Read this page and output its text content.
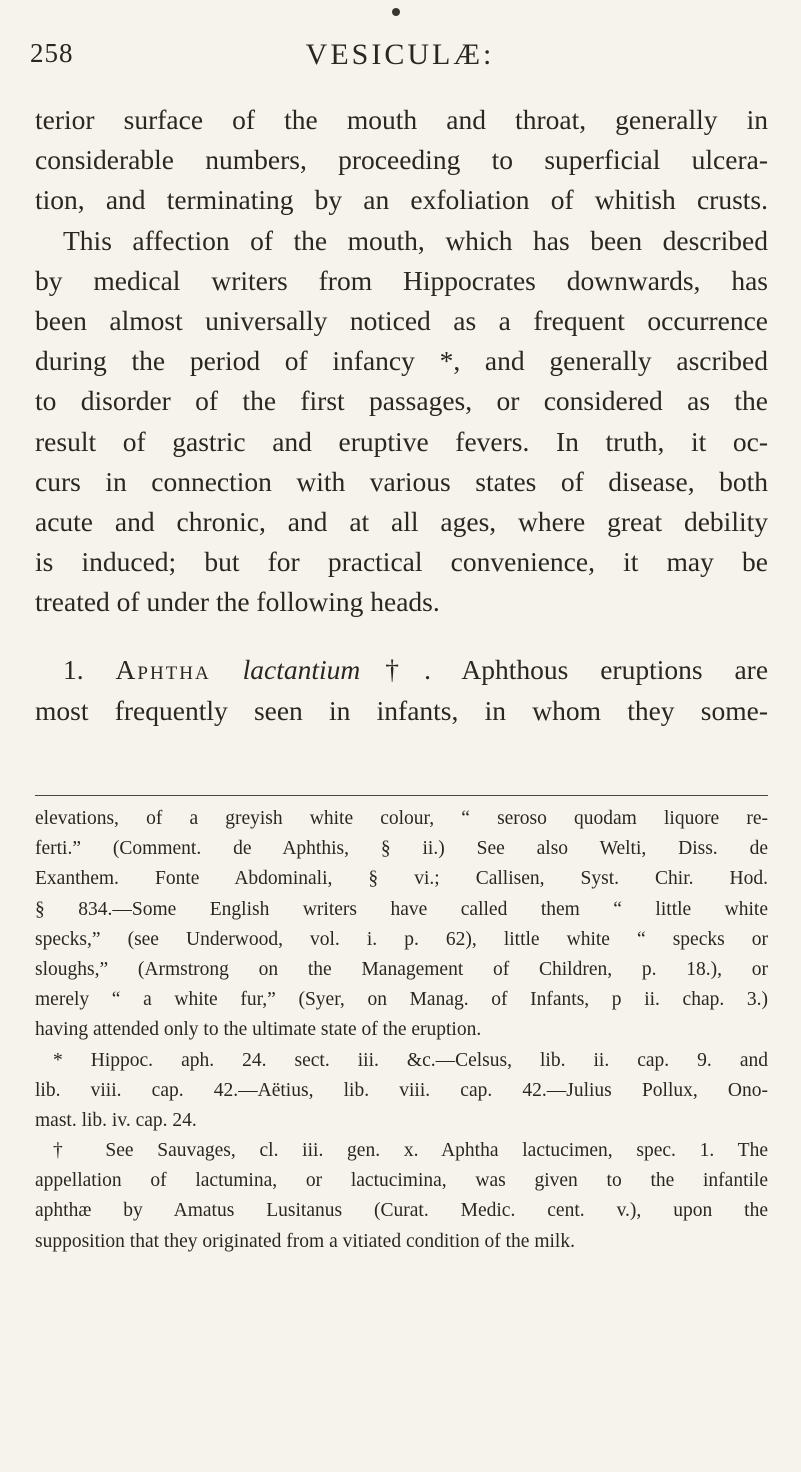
258	VESICULÆ:
terior surface of the mouth and throat, generally in
considerable numbers, proceeding to superficial ulcera-
tion, and terminating by an exfoliation of whitish crusts.
This affection of the mouth, which has been described
by medical writers from Hippocrates downwards, has
been almost universally noticed as a frequent occurrence
during the period of infancy *, and generally ascribed
to disorder of the first passages, or considered as the
result of gastric and eruptive fevers. In truth, it oc-
curs in connection with various states of disease, both
acute and chronic, and at all ages, where great debility
is induced; but for practical convenience, it may be
treated of under the following heads.
1. Aphtha lactantium†. Aphthous eruptions are
most frequently seen in infants, in whom they some-
elevations, of a greyish white colour, “ seroso quodam liquore re-
ferti.” (Comment. de Aphthis, § ii.) See also Welti, Diss. de
Exanthem. Fonte Abdominali, § vi.; Callisen, Syst. Chir. Hod.
§ 834.—Some English writers have called them “ little white
specks,” (see Underwood, vol. i. p. 62), little white “ specks or
sloughs,” (Armstrong on the Management of Children, p. 18.), or
merely “ a white fur,” (Syer, on Manag. of Infants, p ii. chap. 3.)
having attended only to the ultimate state of the eruption.
* Hippoc. aph. 24. sect. iii. &c.—Celsus, lib. ii. cap. 9. and
lib. viii. cap. 42.—Aëtius, lib. viii. cap. 42.—Julius Pollux, Ono-
mast. lib. iv. cap. 24.
† See Sauvages, cl. iii. gen. x. Aphtha lactucimen, spec. 1. The
appellation of lactumina, or lactucimina, was given to the infantile
aphthæ by Amatus Lusitanus (Curat. Medic. cent. v.), upon the
supposition that they originated from a vitiated condition of the milk.
